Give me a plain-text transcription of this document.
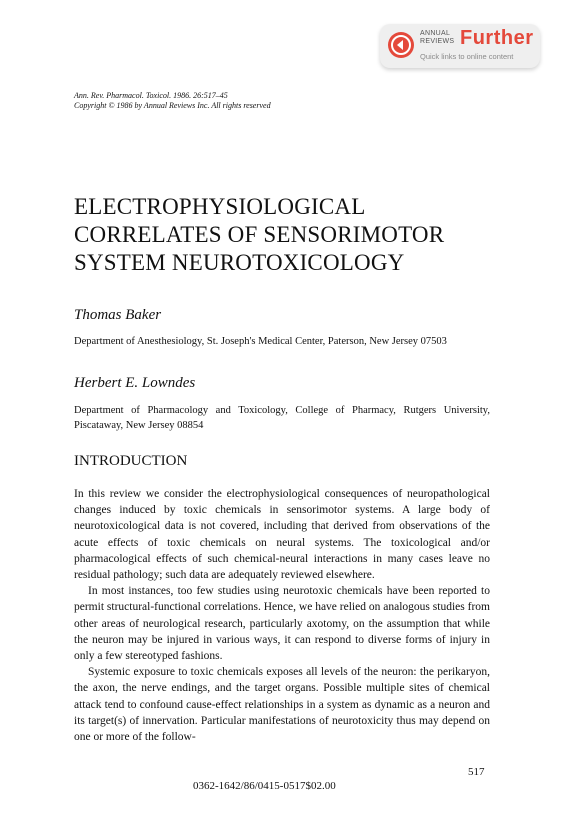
ANNUAL
REVIEWS Further
Quick links to online content
Ann. Rev. Pharmacol. Toxicol. 1986. 26:517–45
Copyright © 1986 by Annual Reviews Inc. All rights reserved
ELECTROPHYSIOLOGICAL
CORRELATES OF SENSORIMOTOR
SYSTEM NEUROTOXICOLOGY
Thomas Baker
Department of Anesthesiology, St. Joseph's Medical Center, Paterson, New Jersey 07503
Herbert E. Lowndes
Department of Pharmacology and Toxicology, College of Pharmacy, Rutgers University, Piscataway, New Jersey 08854
INTRODUCTION

In this review we consider the electrophysiological consequences of neuropathological changes induced by toxic chemicals in sensorimotor systems. A large body of neurotoxicological data is not covered, including that derived from observations of the acute effects of toxic chemicals on neural systems. The toxicological and/or pharmacological effects of such chemical-neural interactions in many cases leave no residual pathology; such data are adequately reviewed elsewhere.

In most instances, too few studies using neurotoxic chemicals have been reported to permit structural-functional correlations. Hence, we have relied on analogous studies from other areas of neurological research, particularly axotomy, on the assumption that while the neuron may be injured in various ways, it can respond to diverse forms of injury in only a few stereotyped fashions.

Systemic exposure to toxic chemicals exposes all levels of the neuron: the perikaryon, the axon, the nerve endings, and the target organs. Possible multiple sites of chemical attack tend to confound cause-effect relationships in a system as dynamic as a neuron and its target(s) of innervation. Particular manifestations of neurotoxicity thus may depend on one or more of the follow-

517
0362-1642/86/0415-0517$02.00
